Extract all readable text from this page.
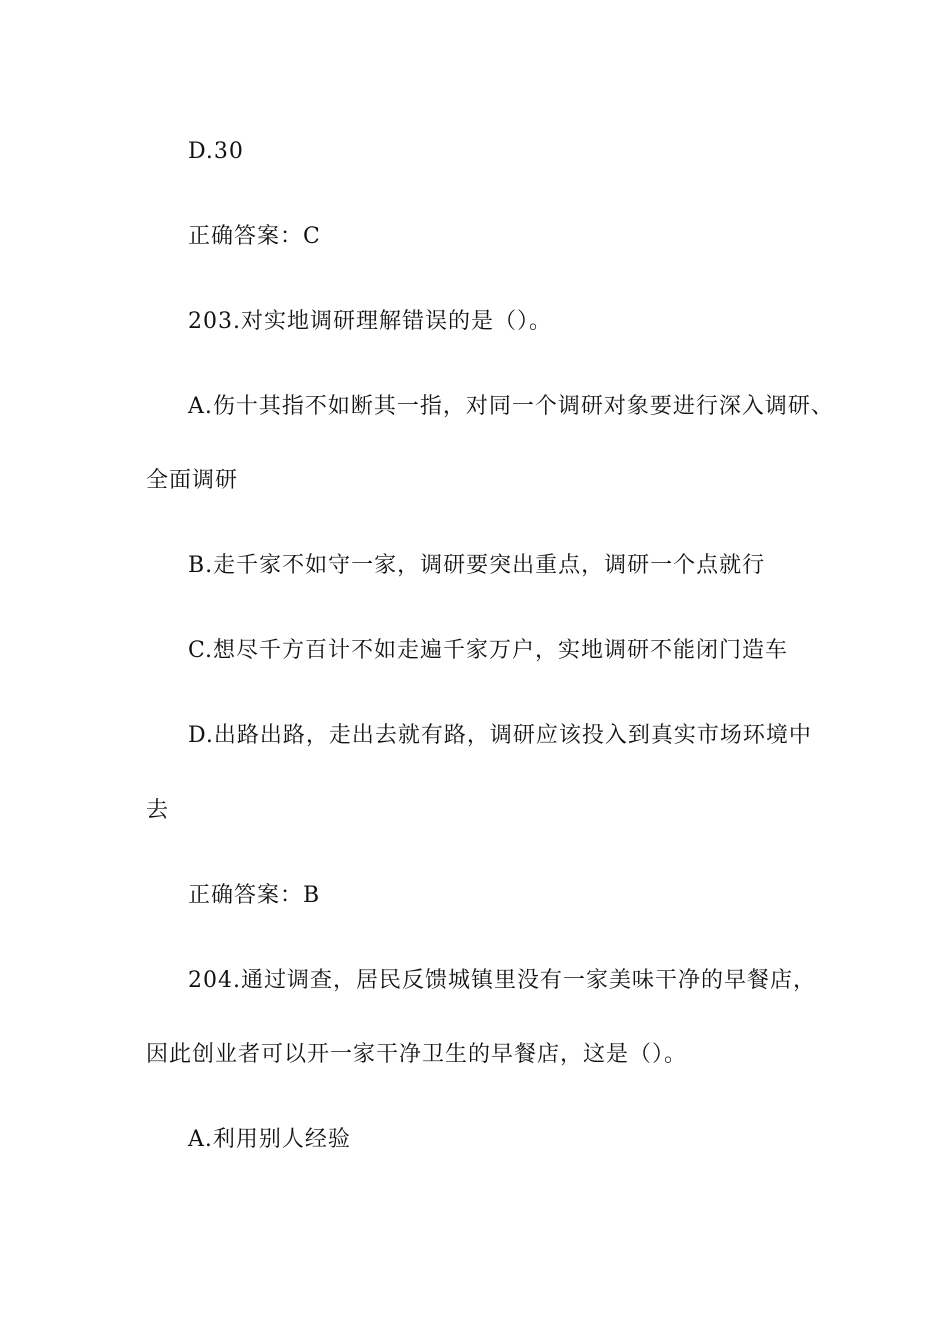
D.30
正确答案：C
203.对实地调研理解错误的是（）。
A.伤十其指不如断其一指，对同一个调研对象要进行深入调研、
全面调研
B.走千家不如守一家，调研要突出重点，调研一个点就行
C.想尽千方百计不如走遍千家万户，实地调研不能闭门造车
D.出路出路，走出去就有路，调研应该投入到真实市场环境中
去
正确答案：B
204.通过调查，居民反馈城镇里没有一家美味干净的早餐店，
因此创业者可以开一家干净卫生的早餐店，这是（）。
A.利用别人经验
